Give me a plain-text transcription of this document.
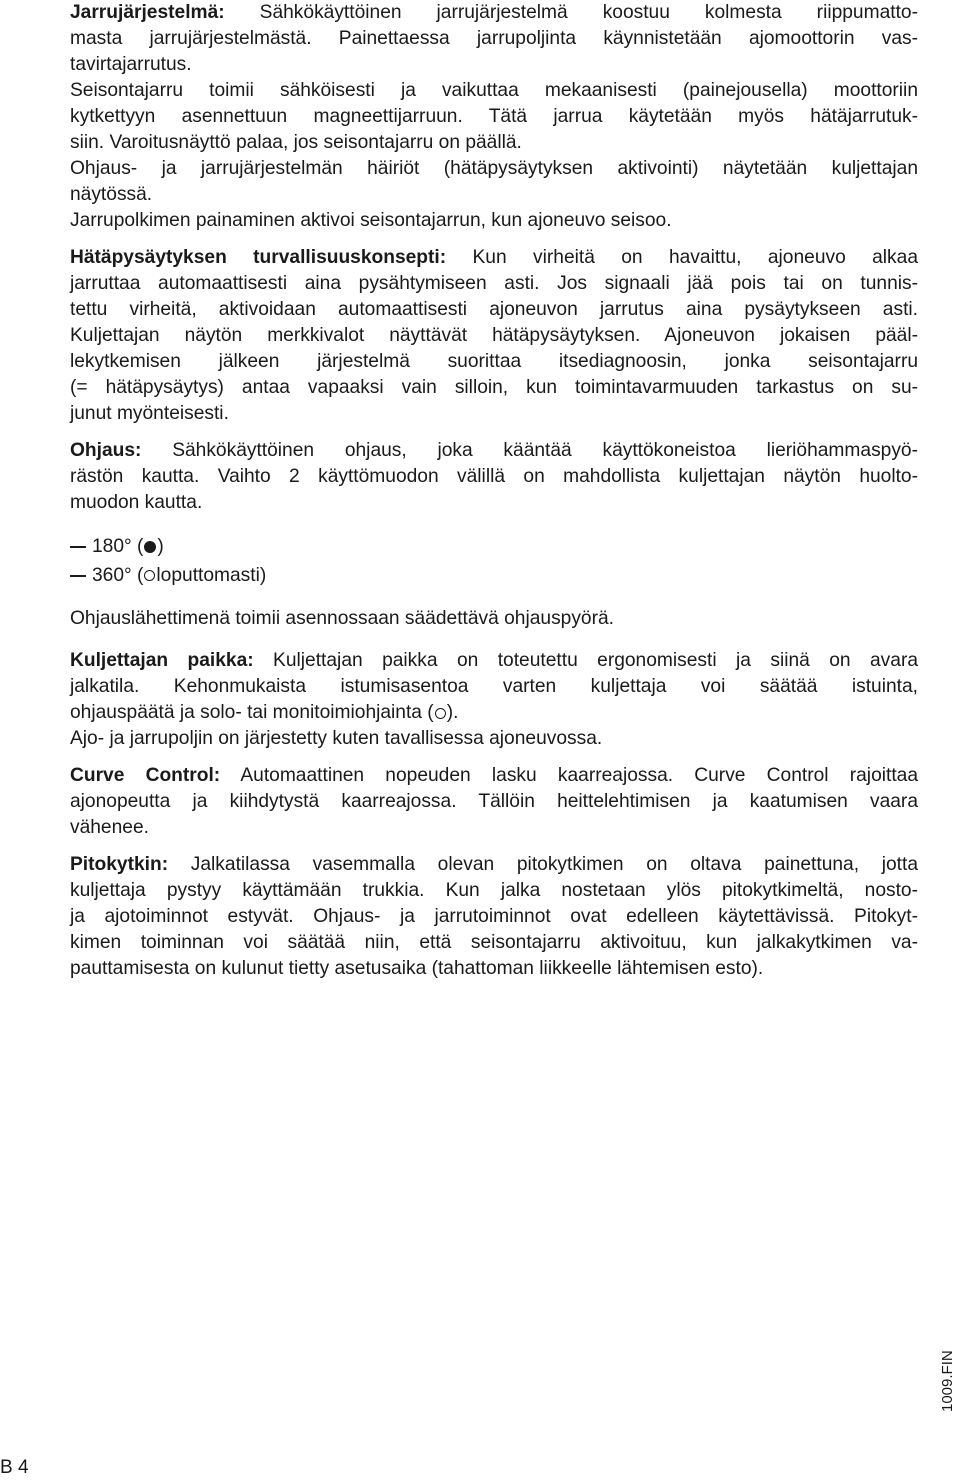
Jarrujärjestelmä: Sähkökäyttöinen jarrujärjestelmä koostuu kolmesta riippumatto-
masta jarrujärjestelmästä. Painettaessa jarrupoljinta käynnistetään ajomoottorin vas-
tavirtajarrutus.
Seisontajarru toimii sähköisesti ja vaikuttaa mekaanisesti (painejousella) moottoriin
kytkettyyn asennettuun magneettijarruun. Tätä jarrua käytetään myös hätäjarrutuk-
siin. Varoitusnäyttö palaa, jos seisontajarru on päällä.
Ohjaus- ja jarrujärjestelmän häiriöt (hätäpysäytyksen aktivointi) näytetään kuljettajan
näytössä.
Jarrupolkimen painaminen aktivoi seisontajarrun, kun ajoneuvo seisoo.

Hätäpysäytyksen turvallisuuskonsepti: Kun virheitä on havaittu, ajoneuvo alkaa
jarruttaa automaattisesti aina pysähtymiseen asti. Jos signaali jää pois tai on tunnis-
tettu virheitä, aktivoidaan automaattisesti ajoneuvon jarrutus aina pysäytykseen asti.
Kuljettajan näytön merkkivalot näyttävät hätäpysäytyksen. Ajoneuvon jokaisen pääl-
lekytkemisen jälkeen järjestelmä suorittaa itsediagnoosin, jonka seisontajarru
(= hätäpysäytys) antaa vapaaksi vain silloin, kun toimintavarmuuden tarkastus on su-
junut myönteisesti.

Ohjaus: Sähkökäyttöinen ohjaus, joka kääntää käyttökoneistoa lieriöhammaspyö-
rästön kautta. Vaihto 2 käyttömuodon välillä on mahdollista kuljettajan näytön huolto-
muodon kautta.

180° ( )
360° ( loputtomasti)

Ohjauslähettimenä toimii asennossaan säädettävä ohjauspyörä.

Kuljettajan paikka: Kuljettajan paikka on toteutettu ergonomisesti ja siinä on avara
jalkatila. Kehonmukaista istumisasentoa varten kuljettaja voi säätää istuinta,
ohjauspäätä ja solo- tai monitoimiohjainta ( ).
Ajo- ja jarrupoljin on järjestetty kuten tavallisessa ajoneuvossa.

Curve Control: Automaattinen nopeuden lasku kaarreajossa. Curve Control rajoittaa
ajonopeutta ja kiihdytystä kaarreajossa. Tällöin heittelehtimisen ja kaatumisen vaara
vähenee.

Pitokytkin: Jalkatilassa vasemmalla olevan pitokytkimen on oltava painettuna, jotta
kuljettaja pystyy käyttämään trukkia. Kun jalka nostetaan ylös pitokytkimeltä, nosto-
ja ajotoiminnot estyvät. Ohjaus- ja jarrutoiminnot ovat edelleen käytettävissä. Pitokyt-
kimen toiminnan voi säätää niin, että seisontajarru aktivoituu, kun jalkakytkimen va-
pauttamisesta on kulunut tietty asetusaika (tahattoman liikkeelle lähtemisen esto).

1009.FIN
B 4
